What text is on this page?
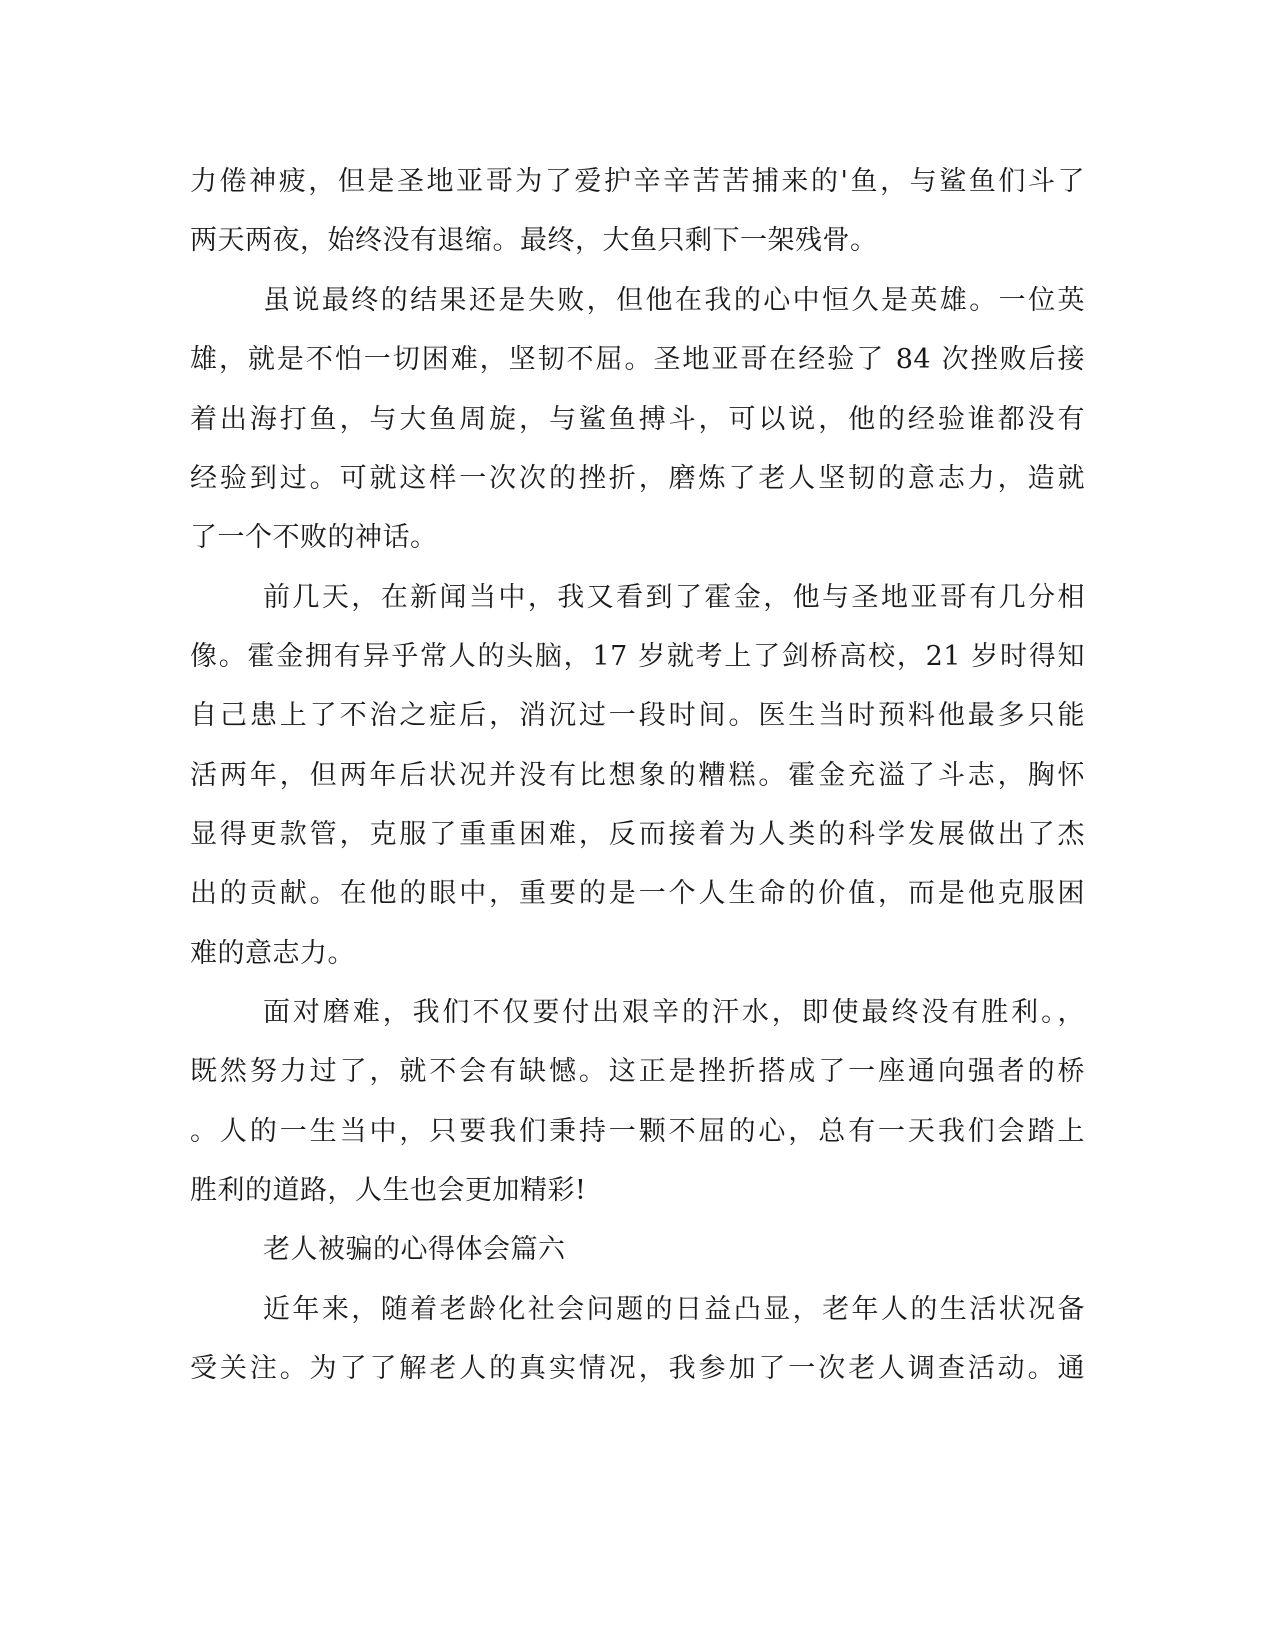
力倦神疲，但是圣地亚哥为了爱护辛辛苦苦捕来的'鱼，与鲨鱼们斗了

两天两夜，始终没有退缩。最终，大鱼只剩下一架残骨。

虽说最终的结果还是失败，但他在我的心中恒久是英雄。一位英

雄，就是不怕一切困难，坚韧不屈。圣地亚哥在经验了 84 次挫败后接

着出海打鱼，与大鱼周旋，与鲨鱼搏斗，可以说，他的经验谁都没有

经验到过。可就这样一次次的挫折，磨炼了老人坚韧的意志力，造就

了一个不败的神话。

前几天，在新闻当中，我又看到了霍金，他与圣地亚哥有几分相

像。霍金拥有异乎常人的头脑，17 岁就考上了剑桥高校，21 岁时得知

自己患上了不治之症后，消沉过一段时间。医生当时预料他最多只能

活两年，但两年后状况并没有比想象的糟糕。霍金充溢了斗志，胸怀

显得更款管，克服了重重困难，反而接着为人类的科学发展做出了杰

出的贡献。在他的眼中，重要的是一个人生命的价值，而是他克服困

难的意志力。

面对磨难，我们不仅要付出艰辛的汗水，即使最终没有胜利。，

既然努力过了，就不会有缺憾。这正是挫折搭成了一座通向强者的桥

。人的一生当中，只要我们秉持一颗不屈的心，总有一天我们会踏上

胜利的道路，人生也会更加精彩!

老人被骗的心得体会篇六

近年来，随着老龄化社会问题的日益凸显，老年人的生活状况备

受关注。为了了解老人的真实情况，我参加了一次老人调查活动。通
